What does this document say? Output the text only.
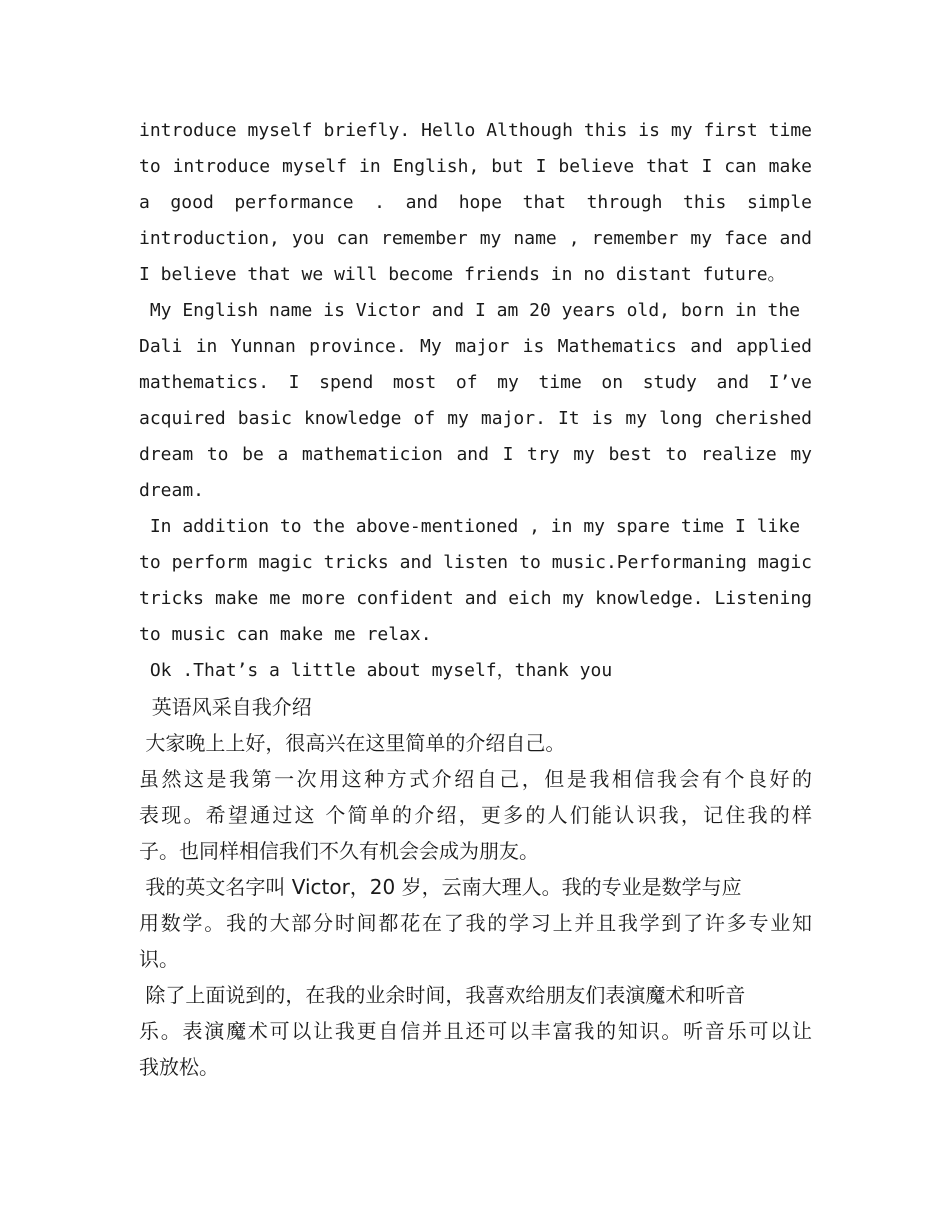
introduce myself briefly. Hello Although this is my first time
to introduce myself in English, but I believe that I can make
a good performance . and hope that through this simple
introduction, you can remember my name , remember my face and
I believe that we will become friends in no distant future。
My English name is Victor and I am 20 years old, born in the
Dali in Yunnan province. My major is Mathematics and applied
mathematics. I spend most of my time on study and I’ve
acquired basic knowledge of my major. It is my long cherished
dream to be a mathematicion and I try my best to realize my
dream.
In addition to the above-mentioned , in my spare time I like
to perform magic tricks and listen to music.Performaning magic
tricks make me more confident and eich my knowledge. Listening
to music can make me relax.
Ok .That’s a little about myself，thank you
英语风采自我介绍
大家晚上上好，很高兴在这里简单的介绍自己。
虽然这是我第一次用这种方式介绍自己，但是我相信我会有个良好的
表现。希望通过这 个简单的介绍，更多的人们能认识我，记住我的样
子。也同样相信我们不久有机会会成为朋友。
我的英文名字叫 Victor，20 岁，云南大理人。我的专业是数学与应
用数学。我的大部分时间都花在了我的学习上并且我学到了许多专业知
识。
除了上面说到的，在我的业余时间，我喜欢给朋友们表演魔术和听音
乐。表演魔术可以让我更自信并且还可以丰富我的知识。听音乐可以让
我放松。
